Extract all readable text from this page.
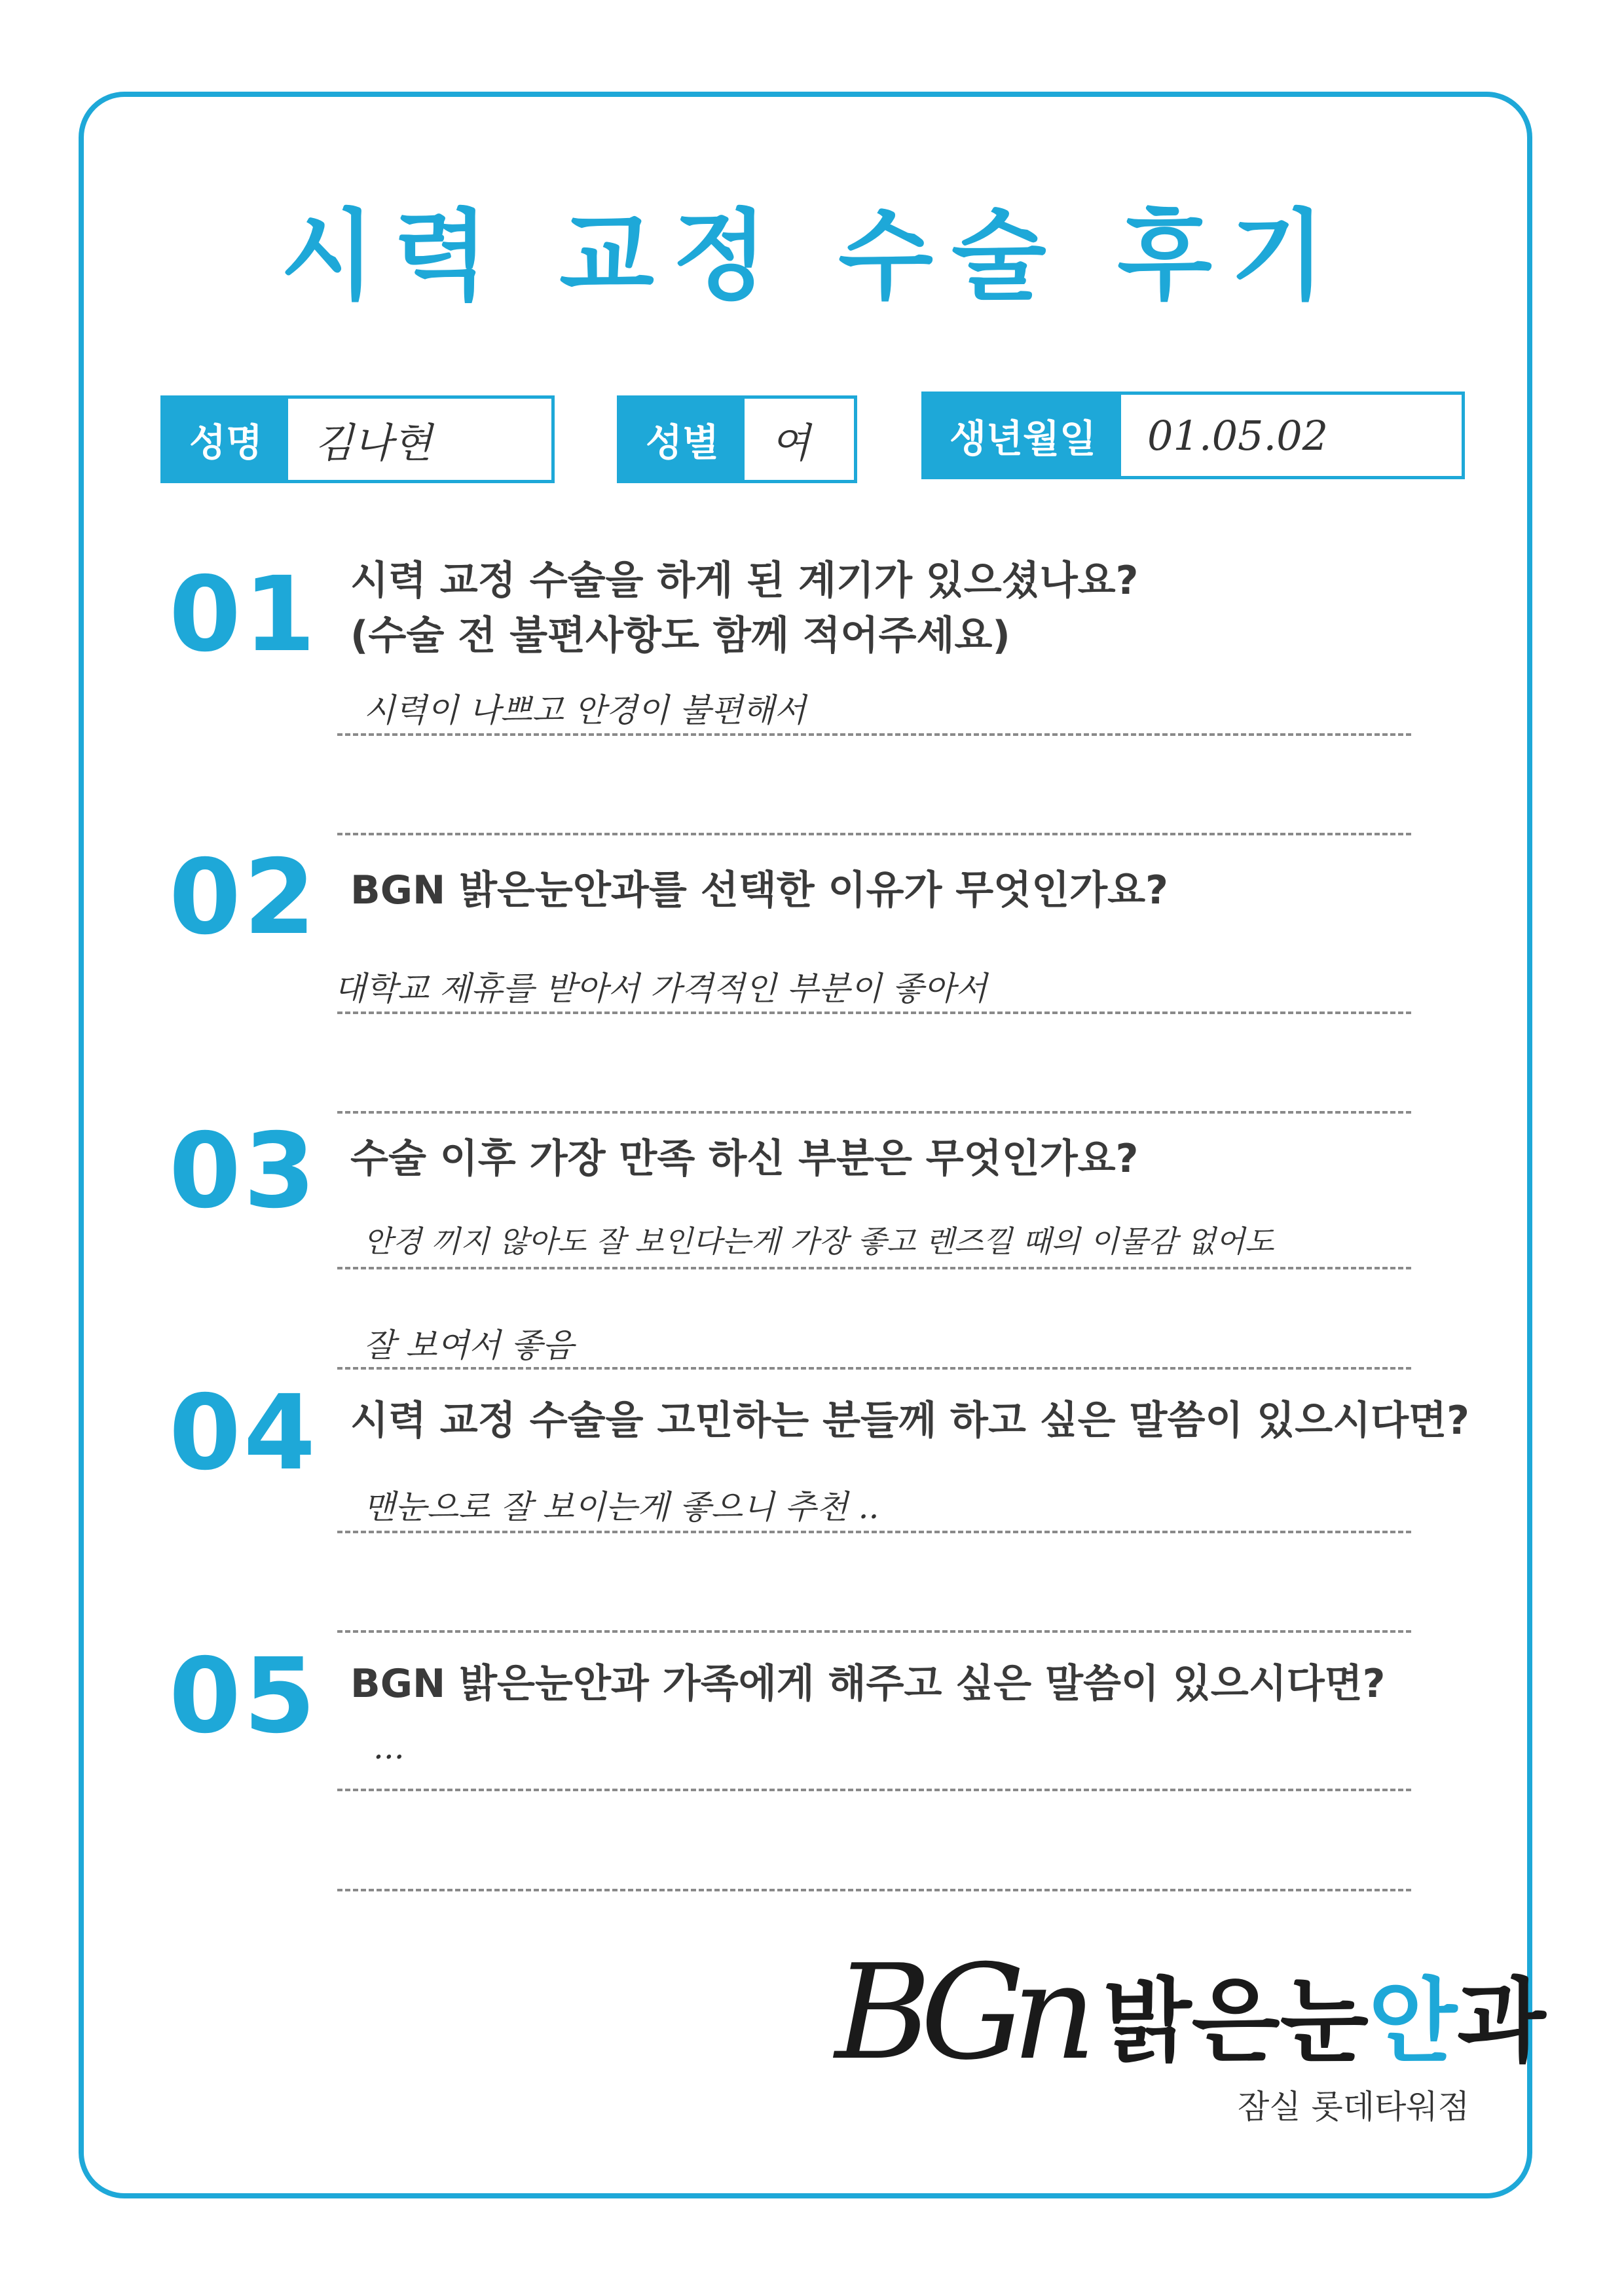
시력 교정 수술 후기
성명	김나현	성별	여	생년월일	01.05.02
01 시력 교정 수술을 하게 된 계기가 있으셨나요?
(수술 전 불편사항도 함께 적어주세요)
시력이 나쁘고 안경이 불편해서
02 BGN 밝은눈안과를 선택한 이유가 무엇인가요?
대학교 제휴를 받아서 가격적인 부분이 좋아서
03 수술 이후 가장 만족 하신 부분은 무엇인가요?
안경 끼지 않아도 잘 보인다는게 가장 좋고 렌즈낄 때의 이물감 없어도
잘 보여서 좋음
04 시력 교정 수술을 고민하는 분들께 하고 싶은 말씀이 있으시다면?
맨눈으로 잘 보이는게 좋으니 추천 ..
05 BGN 밝은눈안과 가족에게 해주고 싶은 말씀이 있으시다면?
...
BGn 밝은눈안과
잠실 롯데타워점
